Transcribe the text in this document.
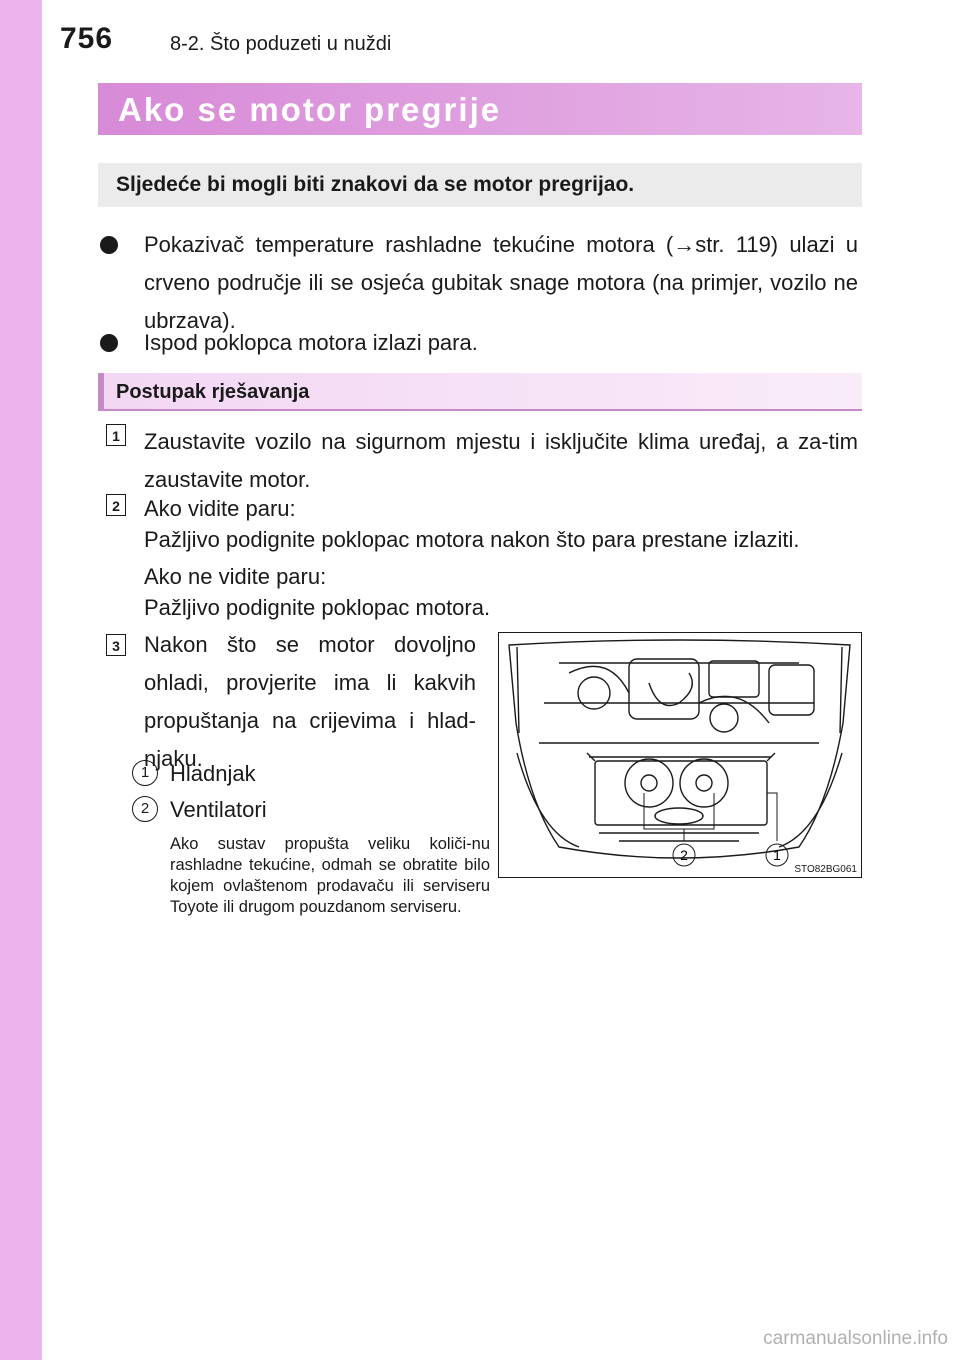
756	8-2. Što poduzeti u nuždi
Ako se motor pregrije
Sljedeće bi mogli biti znakovi da se motor pregrijao.
Pokazivač temperature rashladne tekućine motora (→str. 119) ulazi u crveno područje ili se osjeća gubitak snage motora (na primjer, vozilo ne ubrzava).
Ispod poklopca motora izlazi para.
Postupak rješavanja
1 Zaustavite vozilo na sigurnom mjestu i isključite klima uređaj, a za-tim zaustavite motor.
2 Ako vidite paru:
Pažljivo podignite poklopac motora nakon što para prestane izlaziti.
Ako ne vidite paru:
Pažljivo podignite poklopac motora.
3 Nakon što se motor dovoljno ohladi, provjerite ima li kakvih propuštanja na crijevima i hlad-njaku.
1 Hladnjak
2 Ventilatori
Ako sustav propušta veliku količi-nu rashladne tekućine, odmah se obratite bilo kojem ovlaštenom prodavaču ili serviseru Toyote ili drugom pouzdanom serviseru.
2	1
STO82BG061
carmanualsonline.info
